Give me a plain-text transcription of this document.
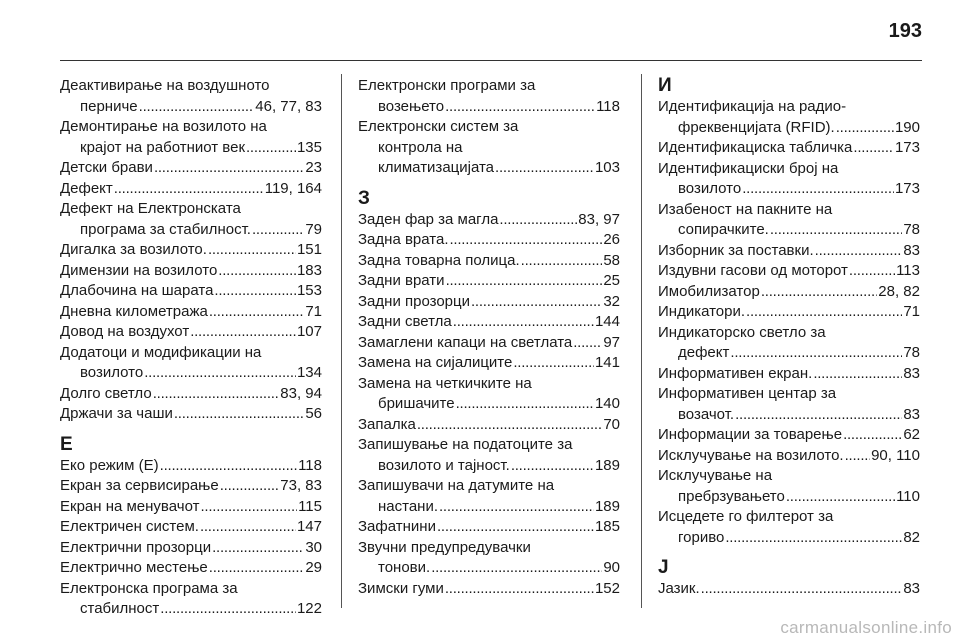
193
Деактивирање на воздушното
перниче . . .	46, 77, 83
Демонтирање на возилото на
крајот на работниот век . . .	135
Детски брави . . .	23
Дефект . . .	119, 164
Дефект на Електронската
програма за стабилност. . . .	79
Дигалка за возилото. . . .	151
Димензии на возилото . . .	183
Длабочина на шарата . . .	153
Дневна километража . . .	71
Довод на воздухот . . .	107
Додатоци и модификации на
возилото . . .	134
Долго светло . . .	83, 94
Држачи за чаши . . .	56
Е
Еко режим (E) . . .	118
Екран за сервисирање . . .	73, 83
Екран на менувачот . . .	115
Електричен систем. . . .	147
Електрични прозорци . . .	30
Електрично местење . . .	29
Електронска програма за
стабилност . . .	122
Електронски програми за
возењето . . .	118
Електронски систем за
контрола на
климатизацијата . . .	103
З
Заден фар за магла . . .	83, 97
Задна врата. . . .	26
Задна товарна полица. . . .	58
Задни врати . . .	25
Задни прозорци . . .	32
Задни светла . . .	144
Замаглени капаци на светлата . . . 97
Замена на сијалиците . . .	141
Замена на четкичките на
бришачите . . .	140
Запалка . . .	70
Запишување на податоците за
возилото и тајност. . . .	189
Запишувачи на датумите на
настани. . . .	189
Зафатнини . . .	185
Звучни предупредувачки
тонови. . . .	90
Зимски гуми . . .	152
И
Идентификација на радио-
фреквенцијата (RFID). . . .	190
Идентификациска табличка . . .	173
Идентификациски број на
возилото . . .	173
Изабеност на пакните на
сопирачките. . . .	78
Изборник за поставки. . . .	83
Издувни гасови од моторот . . .	113
Имобилизатор . . .	28, 82
Индикатори. . . .	71
Индикаторско светло за
дефект . . .	78
Информативен екран. . . .	83
Информативен центар за
возачот. . . .	83
Информации за товарење . . .	62
Исклучување на возилото. . . . 90, 110
Исклучување на
пребрзувањето . . .	110
Исцедете го филтерот за
гориво . . .	82
Ј
Јазик. . . .	83
carmanualsonline.info
